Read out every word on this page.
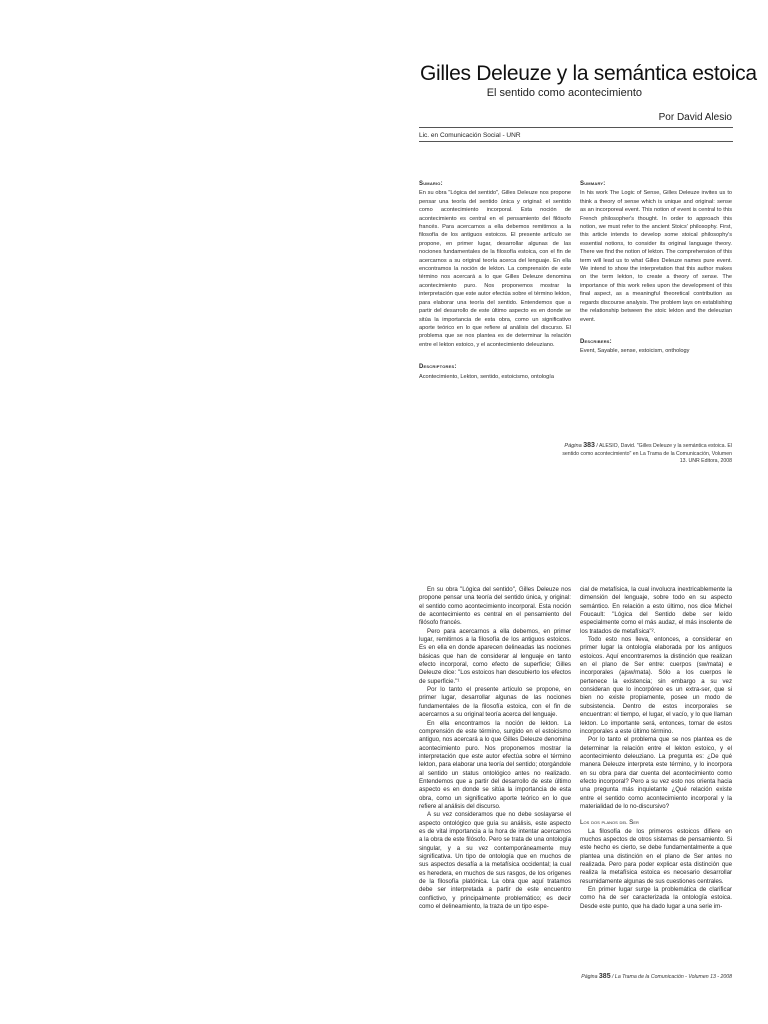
Gilles Deleuze y la semántica estoica
El sentido como acontecimiento
Por David Alesio
Lic. en Comunicación Social - UNR
Sumario:

En su obra "Lógica del sentido", Gilles Deleuze nos propone pensar una teoría del sentido única y original: el sentido como acontecimiento incorporal. Esta noción de acontecimiento es central en el pensamiento del filósofo francés. Para acercarnos a ella debemos remitirnos a la filosofía de los antiguos estoicos. El presente artículo se propone, en primer lugar, desarrollar algunas de las nociones fundamentales de la filosofía estoica, con el fin de acercarnos a su original teoría acerca del lenguaje. En ella encontramos la noción de lekton. La comprensión de este término nos acercará a lo que Gilles Deleuze denomina acontecimiento puro. Nos proponemos mostrar la interpretación que este autor efectúa sobre el término lekton, para elaborar una teoría del sentido. Entendemos que a partir del desarrollo de este último aspecto es en donde se sitúa la importancia de esta obra, como un significativo aporte teórico en lo que refiere al análisis del discurso. El problema que se nos plantea es de determinar la relación entre el lekton estoico, y el acontecimiento deleuziano.

Descriptores:

Acontecimiento, Lekton, sentido, estoicismo, ontología

Summary:

In his work The Logic of Sense, Gilles Deleuze invites us to think a theory of sense which is unique and original: sense as an incorporeal event. This notion of event is central to this French philosopher's thought. In order to approach this notion, we must refer to the ancient Stoics' philosophy. First, this article intends to develop some stoical philosophy's essential notions, to consider its original language theory. There we find the notion of lekton. The comprehension of this term will lead us to what Gilles Deleuze names pure event. We intend to show the interpretation that this author makes on the term lekton, to create a theory of sense. The importance of this work relies upon the development of this final aspect, as a meaningful theoretical contribution as regards discourse analysis. The problem lays on establishing the relationship between the stoic lekton and the deleuzian event.

Describers:

Event, Sayable, sense, estoicism, onthology

Página 383 / ALESIO, David. "Gilles Deleuze y la semántica estoica. El sentido como acontecimiento" en La Trama de la Comunicación, Volumen 13. UNR Editora, 2008

En su obra "Lógica del sentido", Gilles Deleuze nos propone pensar una teoría del sentido única, y original: el sentido como acontecimiento incorporal. Esta noción de acontecimiento es central en el pensamiento del filósofo francés.

Pero para acercarnos a ella debemos, en primer lugar, remitirnos a la filosofía de los antiguos estoicos. Es en ella en donde aparecen delineadas las nociones básicas que han de considerar al lenguaje en tanto efecto incorporal, como efecto de superficie; Gilles Deleuze dice: "Los estoicos han descubierto los efectos de superficie."¹

Por lo tanto el presente artículo se propone, en primer lugar, desarrollar algunas de las nociones fundamentales de la filosofía estoica, con el fin de acercarnos a su original teoría acerca del lenguaje.

En ella encontramos la noción de lekton. La comprensión de este término, surgido en el estoicismo antiguo, nos acercará a lo que Gilles Deleuze denomina acontecimiento puro. Nos proponemos mostrar la interpretación que este autor efectúa sobre el término lekton, para elaborar una teoría del sentido; otorgándole al sentido un status ontológico antes no realizado. Entendemos que a partir del desarrollo de este último aspecto es en donde se sitúa la importancia de esta obra, como un significativo aporte teórico en lo que refiere al análisis del discurso.

A su vez consideramos que no debe soslayarse el aspecto ontológico que guía su análisis, este aspecto es de vital importancia a la hora de intentar acercarnos a la obra de este filósofo. Pero se trata de una ontología singular, y a su vez contemporáneamente muy significativa. Un tipo de ontología que en muchos de sus aspectos desafía a la metafísica occidental; la cual es heredera, en muchos de sus rasgos, de los orígenes de la filosofía platónica. La obra que aquí tratamos debe ser interpretada a partir de este encuentro conflictivo, y principalmente problemático; es decir como el delineamiento, la traza de un tipo espe-

cial de metafísica, la cual involucra inextricablemente la dimensión del lenguaje, sobre todo en su aspecto semántico. En relación a esto último, nos dice Michel Foucault: "Lógica del Sentido debe ser leído especialmente como el más audaz, el más insolente de los tratados de metafísica"².

Todo esto nos lleva, entonces, a considerar en primer lugar la ontología elaborada por los antiguos estoicos. Aquí encontraremos la distinción que realizan en el plano de Ser entre: cuerpos (sw/mata) e incorporales (ajsw/mata). Sólo a los cuerpos le pertenece la existencia; sin embargo a su vez consideran que lo incorpóreo es un extra-ser, que si bien no existe propiamente, posee un modo de subsistencia. Dentro de estos incorporales se encuentran: el tiempo, el lugar, el vacío, y lo que llaman lekton. Lo importante será, entonces, tomar de estos incorporales a este último término.

Por lo tanto el problema que se nos plantea es de determinar la relación entre el lekton estoico, y el acontecimiento deleuziano. La pregunta es: ¿De qué manera Deleuze interpreta este término, y lo incorpora en su obra para dar cuenta del acontecimiento como efecto incorporal? Pero a su vez esto nos orienta hacia una pregunta más inquietante ¿Qué relación existe entre el sentido como acontecimiento incorporal y la materialidad de lo no-discursivo?

Los dos planos del Ser

La filosofía de los primeros estoicos difiere en muchos aspectos de otros sistemas de pensamiento. Si este hecho es cierto, se debe fundamentalmente a que plantea una distinción en el plano de Ser antes no realizada. Pero para poder explicar esta distinción que realiza la metafísica estoica es necesario desarrollar resumidamente algunas de sus cuestiones centrales.

En primer lugar surge la problemática de clarificar como ha de ser caracterizada la ontología estoica. Desde este punto, que ha dado lugar a una serie im-

Página 385 / La Trama de la Comunicación - Volumen 13 - 2008
